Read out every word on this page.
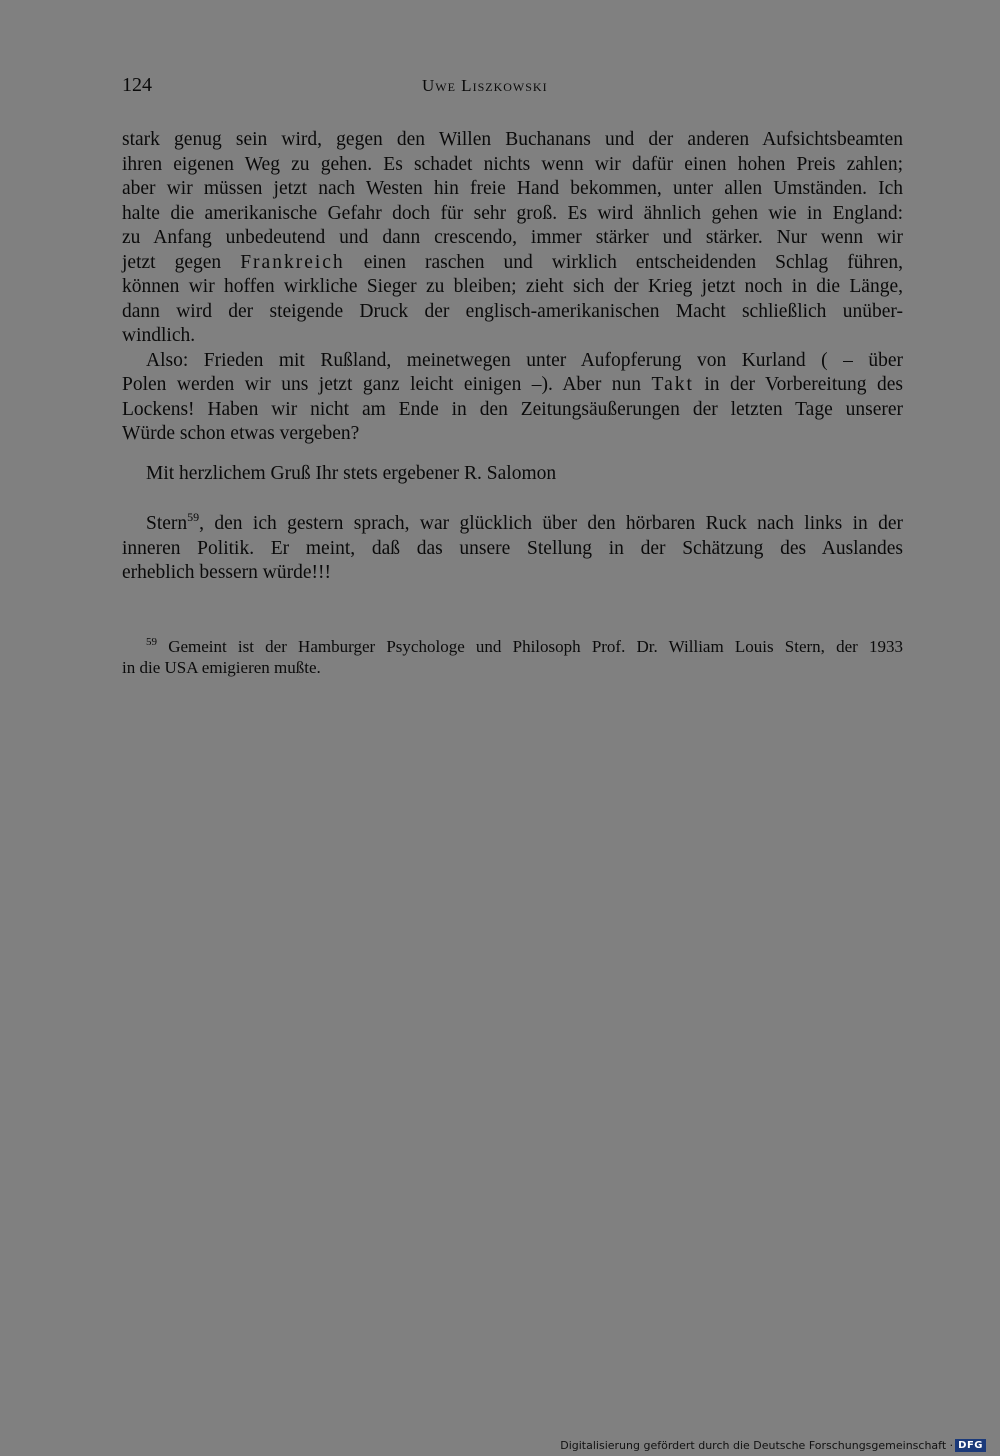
124	Uwe Liszkowski
stark genug sein wird, gegen den Willen Buchanans und der anderen Aufsichtsbeamten
ihren eigenen Weg zu gehen. Es schadet nichts wenn wir dafür einen hohen Preis zahlen;
aber wir müssen jetzt nach Westen hin freie Hand bekommen, unter allen Umständen. Ich
halte die amerikanische Gefahr doch für sehr groß. Es wird ähnlich gehen wie in England:
zu Anfang unbedeutend und dann crescendo, immer stärker und stärker. Nur wenn wir
jetzt gegen Frankreich einen raschen und wirklich entscheidenden Schlag führen,
können wir hoffen wirkliche Sieger zu bleiben; zieht sich der Krieg jetzt noch in die Länge,
dann wird der steigende Druck der englisch-amerikanischen Macht schließlich unüber-
windlich.
Also: Frieden mit Rußland, meinetwegen unter Aufopferung von Kurland ( – über
Polen werden wir uns jetzt ganz leicht einigen –). Aber nun Takt in der Vorbereitung des
Lockens! Haben wir nicht am Ende in den Zeitungsäußerungen der letzten Tage unserer
Würde schon etwas vergeben?
Mit herzlichem Gruß Ihr stets ergebener R. Salomon
Stern$^{59}$, den ich gestern sprach, war glücklich über den hörbaren Ruck nach links in der
inneren Politik. Er meint, daß das unsere Stellung in der Schätzung des Auslandes
erheblich bessern würde!!!
$^{59}$ Gemeint ist der Hamburger Psychologe und Philosoph Prof. Dr. William Louis Stern, der 1933
in die USA emigieren mußte.
Digitalisierung gefördert durch die Deutsche Forschungsgemeinschaft · DFG
